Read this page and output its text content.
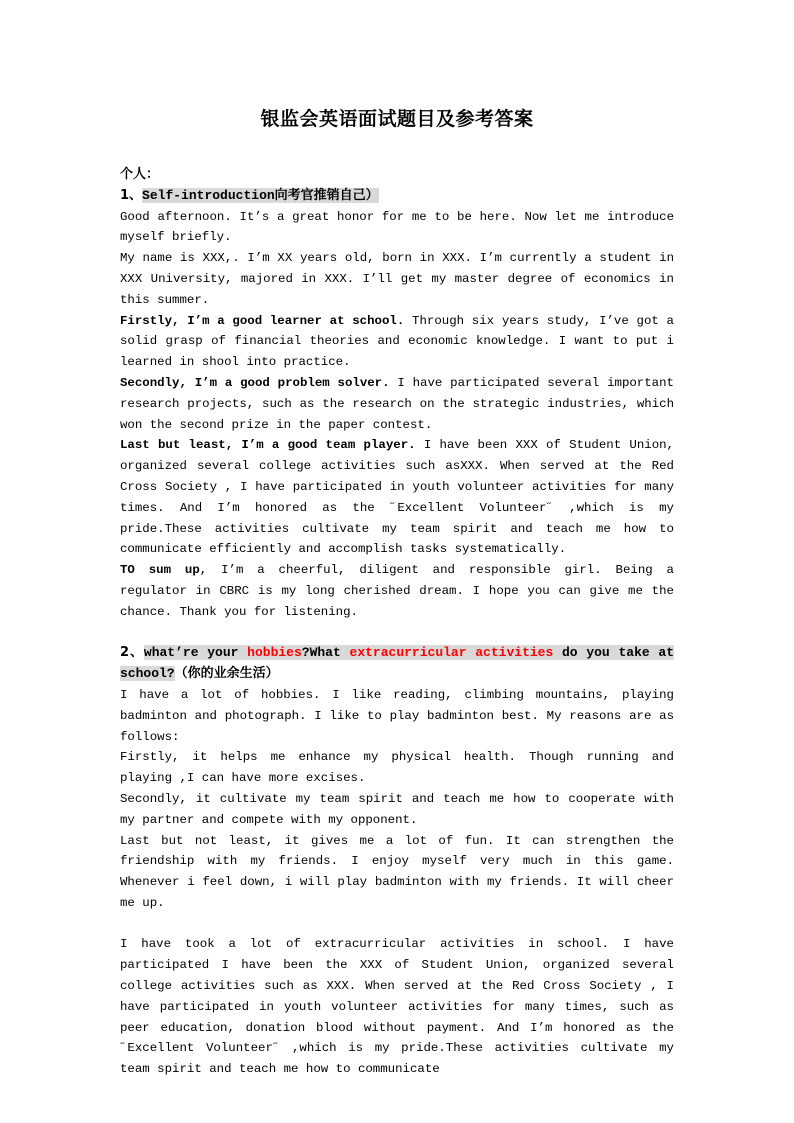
银监会英语面试题目及参考答案

个人：

1、Self-introduction向考官推销自己）

Good afternoon. It’s a great honor for me to be here. Now let me introduce myself briefly.

My name is XXX,. I’m XX years old, born in XXX. I’m currently a student in XXX University, majored in XXX. I’ll get my master degree of economics in this summer.

Firstly, I’m a good learner at school. Through six years study, I’ve got a solid grasp of financial theories and economic knowledge. I want to put i learned in shool into practice.

Secondly, I’m a good problem solver. I have participated several important research projects, such as the research on the strategic industries, which won the second prize in the paper contest.

Last but least, I’m a good team player. I have been XXX of Student Union, organized several college activities such asXXX. When served at the Red Cross Society , I have participated in youth volunteer activities for many times. And I’m honored as the ˝Excellent Volunteer˝ ,which is my pride.These activities cultivate my team spirit and teach me how to communicate efficiently and accomplish tasks systematically.

TO sum up, I’m a cheerful, diligent and responsible girl. Being a regulator in CBRC is my long cherished dream. I hope you can give me the chance. Thank you for listening.

2、what’re your hobbies?What extracurricular activities do you take at school?（你的业余生活）

I have a lot of hobbies. I like reading, climbing mountains, playing badminton and photograph. I like to play badminton best. My reasons are as follows:

Firstly, it helps me enhance my physical health. Though running and playing ,I can have more excises.

Secondly, it cultivate my team spirit and teach me how to cooperate with my partner and compete with my opponent.

Last but not least, it gives me a lot of fun. It can strengthen the friendship with my friends. I enjoy myself very much in this game. Whenever i feel down, i will play badminton with my friends. It will cheer me up.

I have took a lot of extracurricular activities in school. I have participated I have been the XXX of Student Union, organized several college activities such as XXX. When served at the Red Cross Society , I have participated in youth volunteer activities for many times, such as peer education, donation blood without payment. And I’m honored as the ˝Excellent Volunteer˝ ,which is my pride.These activities cultivate my team spirit and teach me how to communicate
